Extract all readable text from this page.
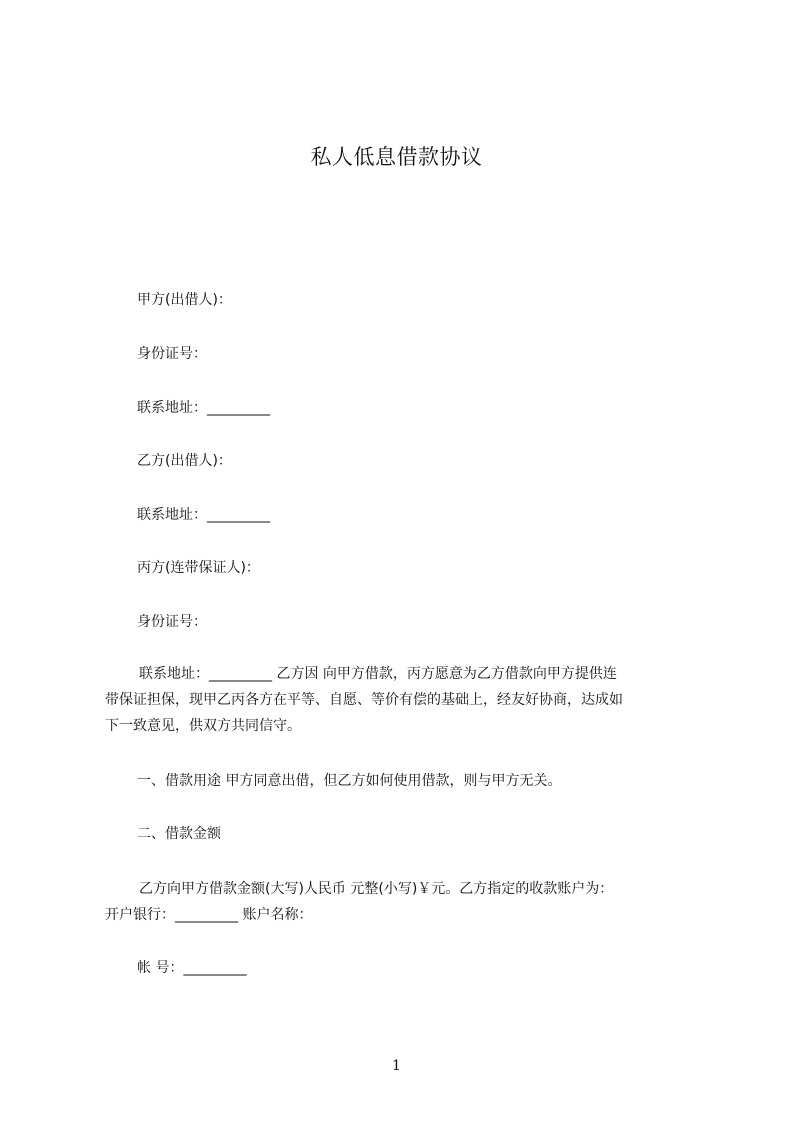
私人低息借款协议
甲方(出借人)：
身份证号：
联系地址：_________
乙方(出借人)：
联系地址：_________
丙方(连带保证人)：
身份证号：
联系地址：_________ 乙方因 向甲方借款，丙方愿意为乙方借款向甲方提供连
带保证担保，现甲乙丙各方在平等、自愿、等价有偿的基础上，经友好协商，达成如
下一致意见，供双方共同信守。
一、借款用途 甲方同意出借，但乙方如何使用借款，则与甲方无关。
二、借款金额
乙方向甲方借款金额(大写)人民币 元整(小写)￥元。乙方指定的收款账户为：
开户银行：_________ 账户名称：
帐 号：_________
1
